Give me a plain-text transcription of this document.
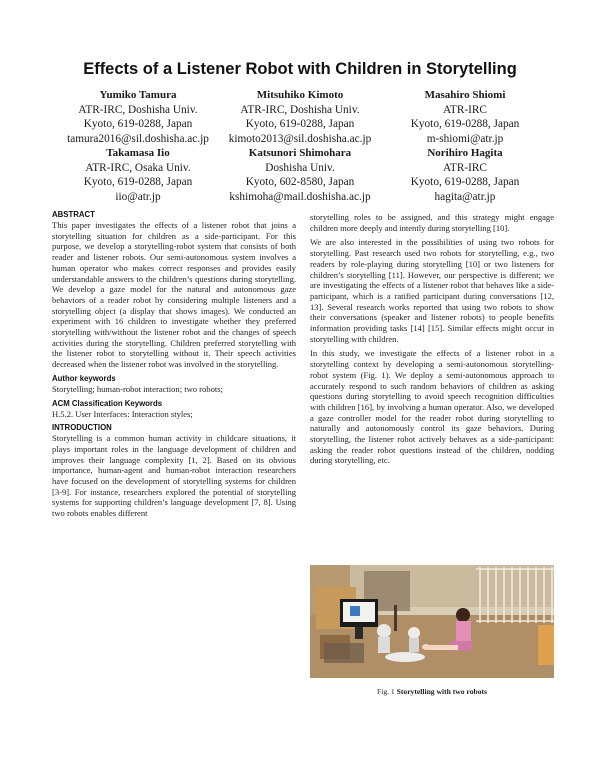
Effects of a Listener Robot with Children in Storytelling
Yumiko Tamura
ATR-IRC, Doshisha Univ.
Kyoto, 619-0288, Japan
tamura2016@sil.doshisha.ac.jp
Mitsuhiko Kimoto
ATR-IRC, Doshisha Univ.
Kyoto, 619-0288, Japan
kimoto2013@sil.doshisha.ac.jp
Masahiro Shiomi
ATR-IRC
Kyoto, 619-0288, Japan
m-shiomi@atr.jp
Takamasa Iio
ATR-IRC, Osaka Univ.
Kyoto, 619-0288, Japan
iio@atr.jp
Katsunori Shimohara
Doshisha Univ.
Kyoto, 602-8580, Japan
kshimoha@mail.doshisha.ac.jp
Norihiro Hagita
ATR-IRC
Kyoto, 619-0288, Japan
hagita@atr.jp
ABSTRACT

This paper investigates the effects of a listener robot that joins a storytelling situation for children as a side-participant. For this purpose, we develop a storytelling-robot system that consists of both reader and listener robots. Our semi-autonomous system involves a human operator who makes correct responses and provides easily understandable answers to the children’s questions during storytelling. We develop a gaze model for the natural and autonomous gaze behaviors of a reader robot by considering multiple listeners and a storytelling object (a display that shows images). We conducted an experiment with 16 children to investigate whether they preferred storytelling with/without the listener robot and the changes of speech activities during the storytelling. Children preferred storytelling with the listener robot to storytelling without it. Their speech activities decreased when the listener robot was involved in the storytelling.

Author keywords
Storytelling; human-robot interaction; two robots;
ACM Classification Keywords
H.5.2. User Interfaces: Interaction styles;
INTRODUCTION

Storytelling is a common human activity in childcare situations, it plays important roles in the language development of children and improves their language complexity [1, 2]. Based on its obvious importance, human-agent and human-robot interaction researchers have focused on the development of storytelling systems for children [3-9]. For instance, researchers explored the potential of storytelling systems for supporting children’s language development [7, 8]. Using two robots enables different

storytelling roles to be assigned, and this strategy might engage children more deeply and intently during storytelling [10].

We are also interested in the possibilities of using two robots for storytelling. Past research used two robots for storytelling, e.g., two readers by role-playing during storytelling [10] or two listeners for children’s storytelling [11]. However, our perspective is different; we are investigating the effects of a listener robot that behaves like a side-participant, which is a ratified participant during conversations [12, 13]. Several research works reported that using two robots to show their conversations (speaker and listener robots) to people benefits information providing tasks [14] [15]. Similar effects might occur in storytelling with children.

In this study, we investigate the effects of a listener robot in a storytelling context by developing a semi-autonomous storytelling-robot system (Fig. 1). We deploy a semi-autonomous approach to accurately respond to such random behaviors of children as asking questions during storytelling to avoid speech recognition difficulties with children [16], by involving a human operator. Also, we developed a gaze controller model for the reader robot during storytelling to naturally and autonomously control its gaze behaviors. During storytelling, the listener robot actively behaves as a side-participant: asking the reader robot questions instead of the children, nodding during storytelling, etc.

Fig. 1 Storytelling with two robots
